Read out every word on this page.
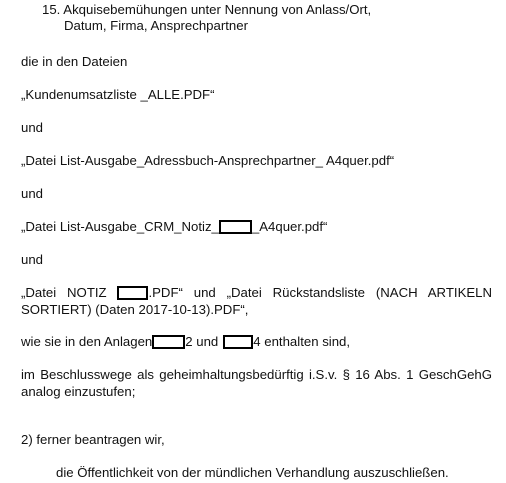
15. Akquisebemühungen unter Nennung von Anlass/Ort,
Datum, Firma, Ansprechpartner
die in den Dateien
„Kundenumsatzliste _ALLE.PDF“
und
„Datei List-Ausgabe_Adressbuch-Ansprechpartner_ A4quer.pdf“
und
„Datei List-Ausgabe_CRM_Notiz_	_A4quer.pdf“
und
„Datei NOTIZ .PDF“ und „Datei Rückstandsliste (NACH ARTIKELN SORTIERT) (Daten 2017-10-13).PDF“,
wie sie in den Anlagen	2 und	4 enthalten sind,
im Beschlusswege als geheimhaltungsbedürftig i.S.v. § 16 Abs. 1 GeschGehG analog einzustufen;
2) ferner beantragen wir,
die Öffentlichkeit von der mündlichen Verhandlung auszuschließen.
